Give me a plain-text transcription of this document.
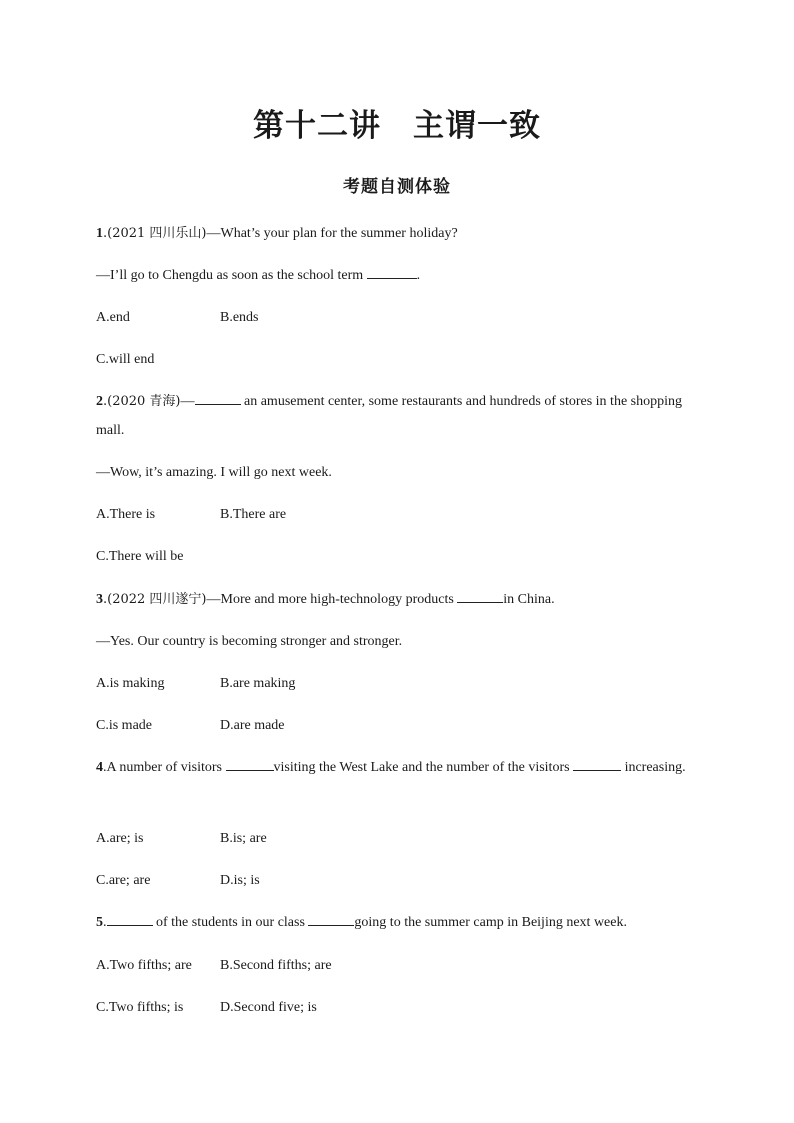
第十二讲　主谓一致
考题自测体验
1.(2021 四川乐山)—What’s your plan for the summer holiday?
—I’ll go to Chengdu as soon as the school term	.
A.end	B.ends
C.will end
2.(2020 青海)—	an amusement center, some restaurants and hundreds of stores in the shopping mall.
—Wow, it’s amazing. I will go next week.
A.There is	B.There are
C.There will be
3.(2022 四川遂宁)—More and more high-technology products	in China.
—Yes. Our country is becoming stronger and stronger.
A.is making	B.are making
C.is made	D.are made
4.A number of visitors	visiting the West Lake and the number of the visitors	increasing.
A.are; is	B.is; are
C.are; are	D.is; is
5.	of the students in our class	going to the summer camp in Beijing next week.
A.Two fifths; are B.Second fifths; are
C.Two fifths; is	D.Second five; is
